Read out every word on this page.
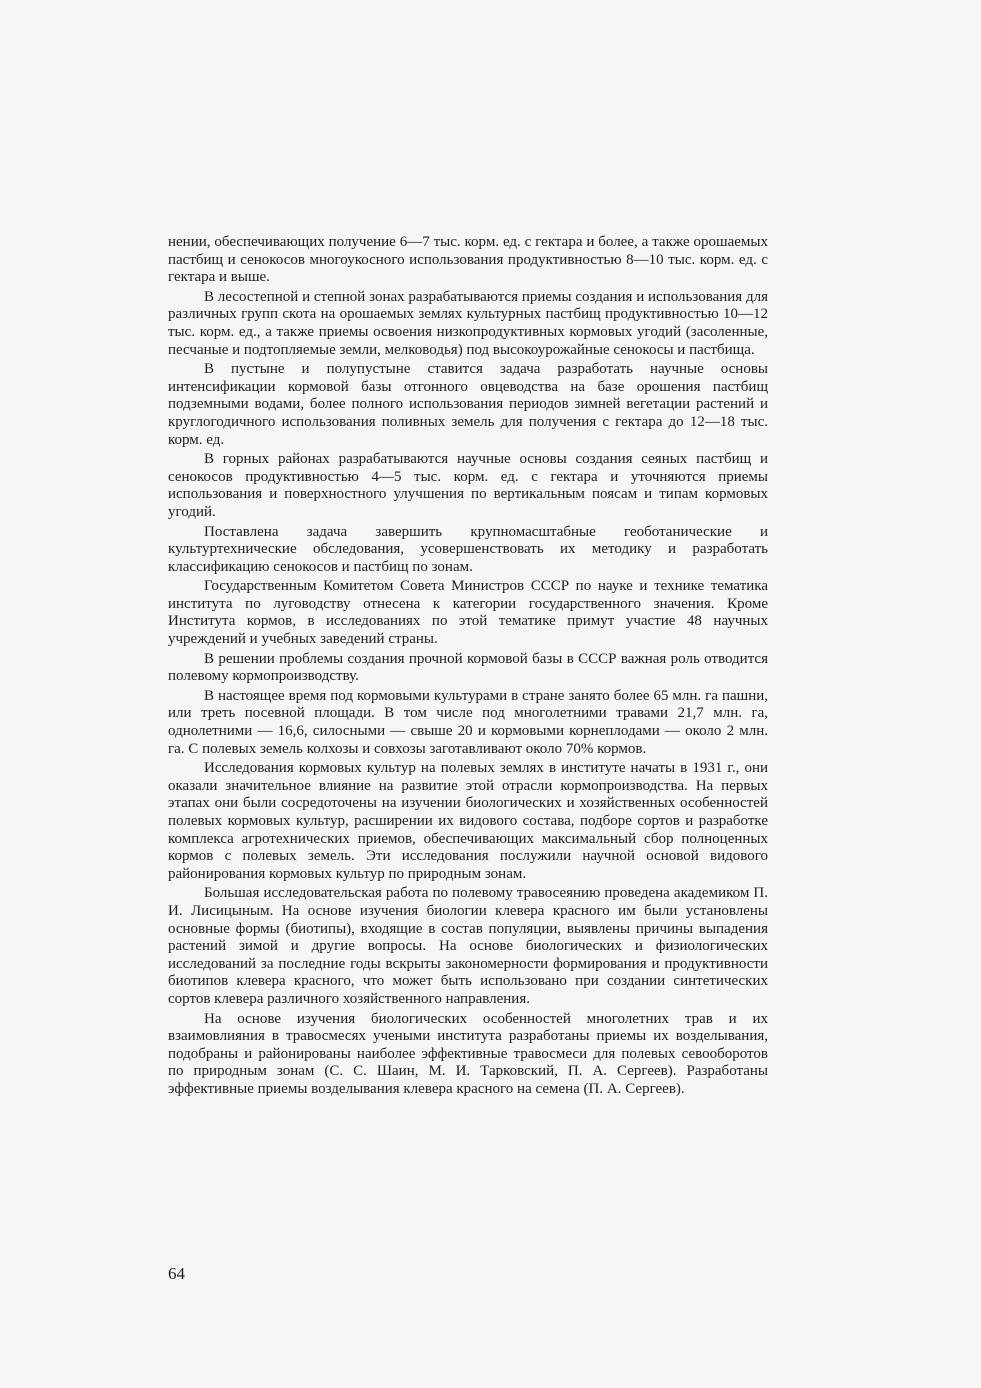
нении, обеспечивающих получение 6—7 тыс. корм. ед. с гектара и более, а также орошаемых пастбищ и сенокосов многоукосного использования продуктивностью 8—10 тыс. корм. ед. с гектара и выше.

В лесостепной и степной зонах разрабатываются приемы создания и использования для различных групп скота на орошаемых землях культурных пастбищ продуктивностью 10—12 тыс. корм. ед., а также приемы освоения низкопродуктивных кормовых угодий (засоленные, песчаные и подтопляемые земли, мелководья) под высокоурожайные сенокосы и пастбища.

В пустыне и полупустыне ставится задача разработать научные основы интенсификации кормовой базы отгонного овцеводства на базе орошения пастбищ подземными водами, более полного использования периодов зимней вегетации растений и круглогодичного использования поливных земель для получения с гектара до 12—18 тыс. корм. ед.

В горных районах разрабатываются научные основы создания сеяных пастбищ и сенокосов продуктивностью 4—5 тыс. корм. ед. с гектара и уточняются приемы использования и поверхностного улучшения по вертикальным поясам и типам кормовых угодий.

Поставлена задача завершить крупномасштабные геоботанические и культуртехнические обследования, усовершенствовать их методику и разработать классификацию сенокосов и пастбищ по зонам.

Государственным Комитетом Совета Министров СССР по науке и технике тематика института по луговодству отнесена к категории государственного значения. Кроме Института кормов, в исследованиях по этой тематике примут участие 48 научных учреждений и учебных заведений страны.

В решении проблемы создания прочной кормовой базы в СССР важная роль отводится полевому кормопроизводству.

В настоящее время под кормовыми культурами в стране занято более 65 млн. га пашни, или треть посевной площади. В том числе под многолетними травами 21,7 млн. га, однолетними — 16,6, силосными — свыше 20 и кормовыми корнеплодами — около 2 млн. га. С полевых земель колхозы и совхозы заготавливают около 70% кормов.

Исследования кормовых культур на полевых землях в институте начаты в 1931 г., они оказали значительное влияние на развитие этой отрасли кормопроизводства. На первых этапах они были сосредоточены на изучении биологических и хозяйственных особенностей полевых кормовых культур, расширении их видового состава, подборе сортов и разработке комплекса агротехнических приемов, обеспечивающих максимальный сбор полноценных кормов с полевых земель. Эти исследования послужили научной основой видового районирования кормовых культур по природным зонам.

Большая исследовательская работа по полевому травосеянию проведена академиком П. И. Лисицыным. На основе изучения биологии клевера красного им были установлены основные формы (биотипы), входящие в состав популяции, выявлены причины выпадения растений зимой и другие вопросы. На основе биологических и физиологических исследований за последние годы вскрыты закономерности формирования и продуктивности биотипов клевера красного, что может быть использовано при создании синтетических сортов клевера различного хозяйственного направления.

На основе изучения биологических особенностей многолетних трав и их взаимовлияния в травосмесях учеными института разработаны приемы их возделывания, подобраны и районированы наиболее эффективные травосмеси для полевых севооборотов по природным зонам (С. С. Шаин, М. И. Тарковский, П. А. Сергеев). Разработаны эффективные приемы возделывания клевера красного на семена (П. А. Сергеев).

64
